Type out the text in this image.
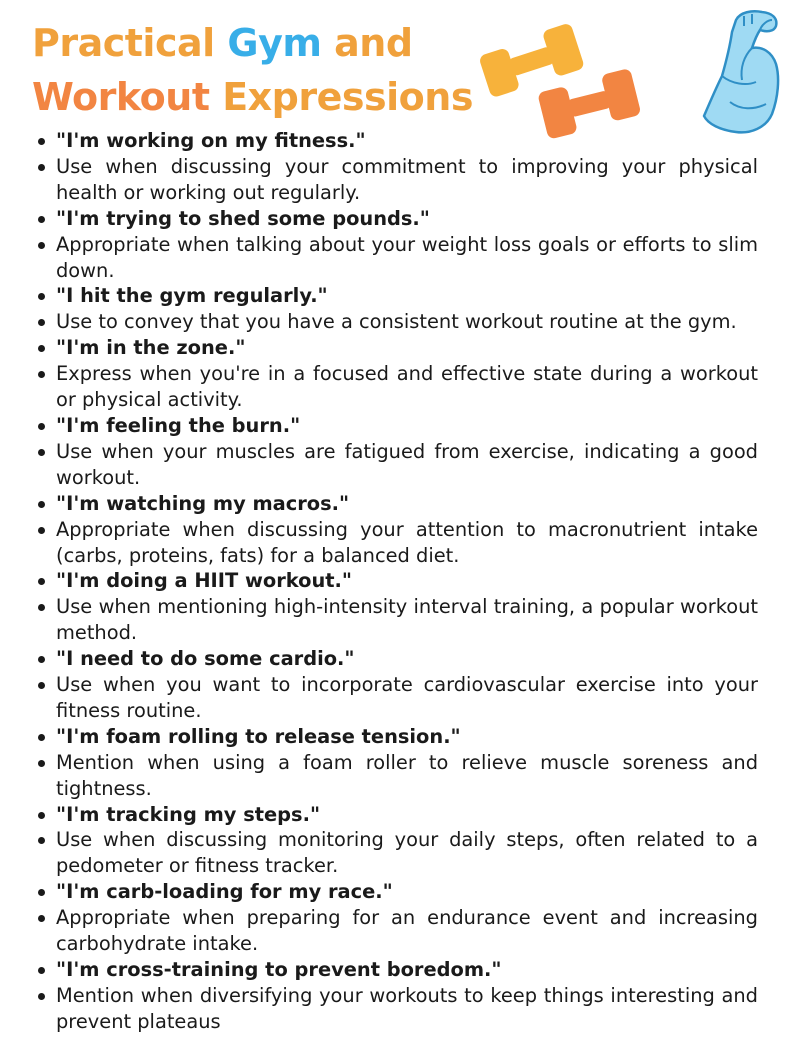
Practical Gym and
Workout Expressions
"I'm working on my fitness."
Use when discussing your commitment to improving your physical health or working out regularly.
"I'm trying to shed some pounds."
Appropriate when talking about your weight loss goals or efforts to slim down.
"I hit the gym regularly."
Use to convey that you have a consistent workout routine at the gym.
"I'm in the zone."
Express when you're in a focused and effective state during a workout or physical activity.
"I'm feeling the burn."
Use when your muscles are fatigued from exercise, indicating a good workout.
"I'm watching my macros."
Appropriate when discussing your attention to macronutrient intake (carbs, proteins, fats) for a balanced diet.
"I'm doing a HIIT workout."
Use when mentioning high-intensity interval training, a popular workout method.
"I need to do some cardio."
Use when you want to incorporate cardiovascular exercise into your fitness routine.
"I'm foam rolling to release tension."
Mention when using a foam roller to relieve muscle soreness and tightness.
"I'm tracking my steps."
Use when discussing monitoring your daily steps, often related to a pedometer or fitness tracker.
"I'm carb-loading for my race."
Appropriate when preparing for an endurance event and increasing carbohydrate intake.
"I'm cross-training to prevent boredom."
Mention when diversifying your workouts to keep things interesting and prevent plateaus
